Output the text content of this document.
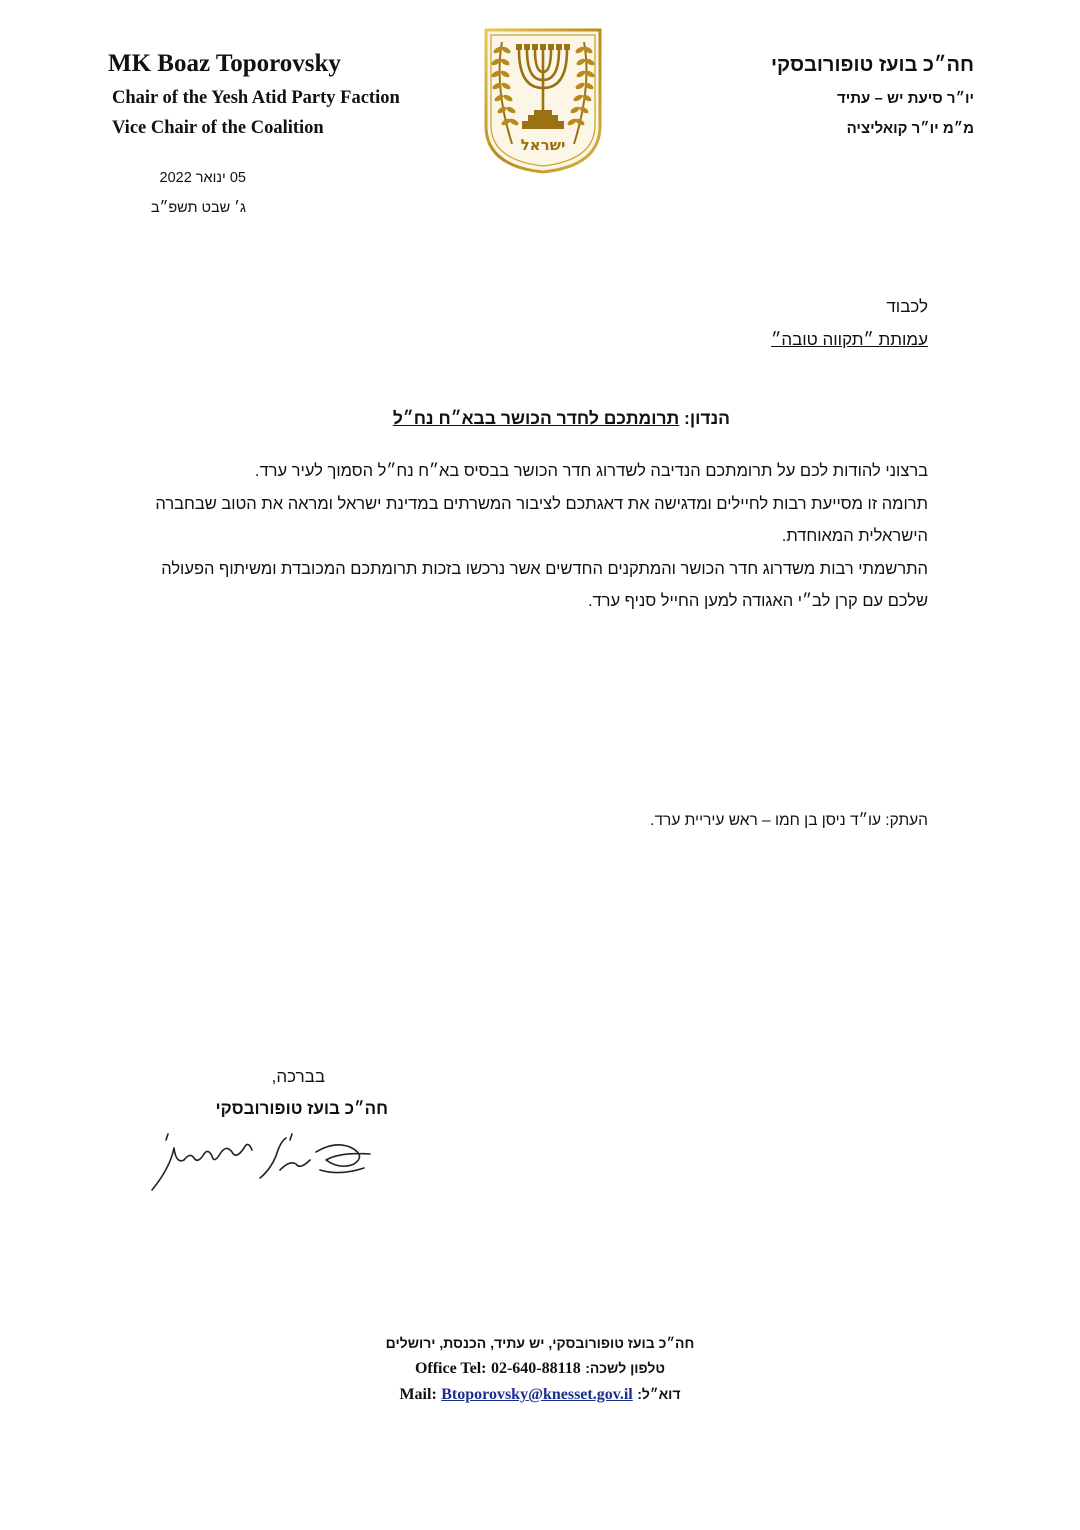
MK Boaz Toporovsky
Chair of the Yesh Atid Party Faction
Vice Chair of the Coalition
ישראל
חה״כ בועז טופורובסקי
יו״ר סיעת יש – עתיד
מ״מ יו״ר קואליציה
05 ינואר 2022
ג׳ שבט תשפ״ב
לכבוד
עמותת ״תקווה טובה״
הנדון: תרומתכם לחדר הכושר בבא״ח נח״ל

ברצוני להודות לכם על תרומתכם הנדיבה לשדרוג חדר הכושר בבסיס בא״ח נח״ל הסמוך לעיר ערד.

תרומה זו מסייעת רבות לחיילים ומדגישה את דאגתכם לציבור המשרתים במדינת ישראל ומראה את הטוב שבחברה הישראלית המאוחדת.

התרשמתי רבות משדרוג חדר הכושר והמתקנים החדשים אשר נרכשו בזכות תרומתכם המכובדת ומשיתוף הפעולה שלכם עם קרן לב״י האגודה למען החייל סניף ערד.

העתק: עו״ד ניסן בן חמו – ראש עיריית ערד.
בברכה,
חה״כ בועז טופורובסקי
חה״כ בועז טופורובסקי, יש עתיד, הכנסת, ירושלים
Office Tel: 02-640-88118 טלפון לשכה:
Mail: Btoporovsky@knesset.gov.il דוא״ל:
